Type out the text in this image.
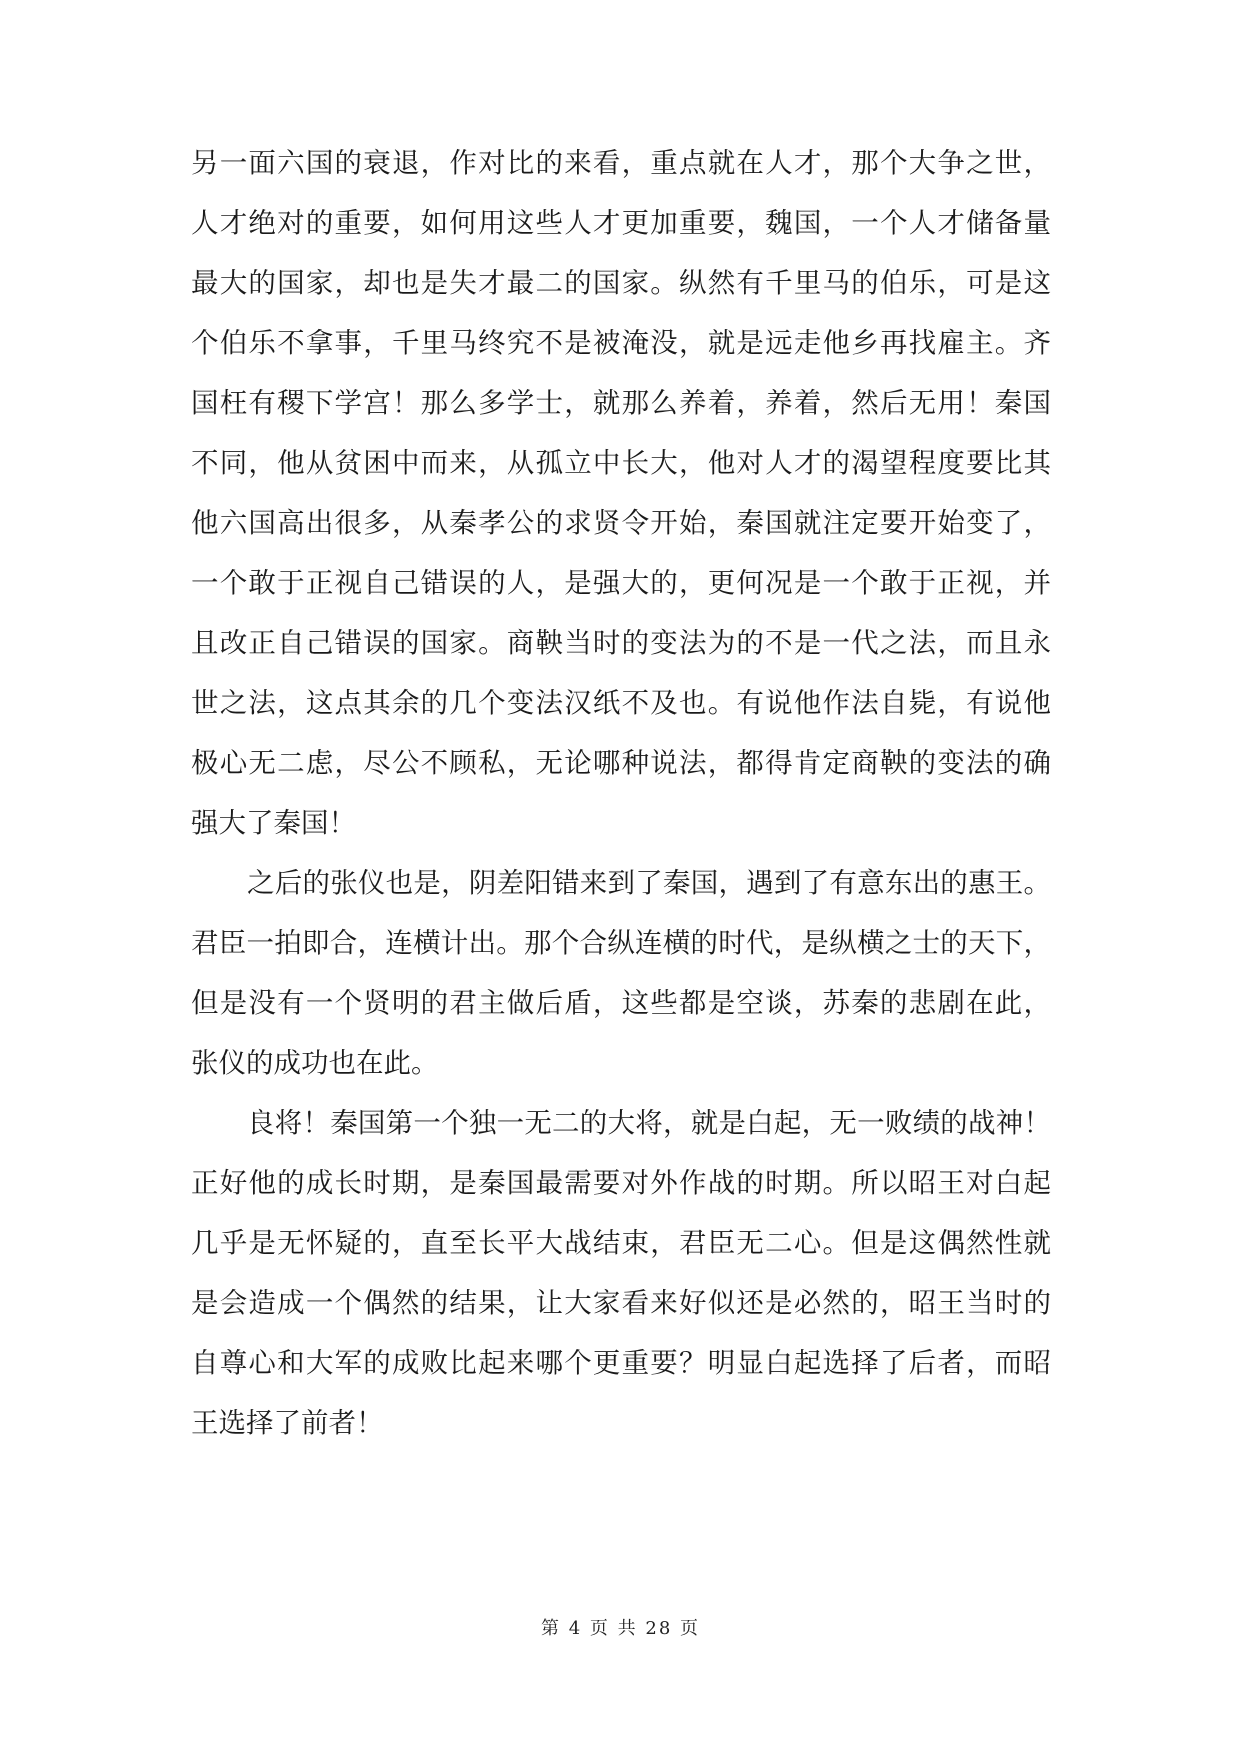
另一面六国的衰退，作对比的来看，重点就在人才，那个大争之世，
人才绝对的重要，如何用这些人才更加重要，魏国，一个人才储备量
最大的国家，却也是失才最二的国家。纵然有千里马的伯乐，可是这
个伯乐不拿事，千里马终究不是被淹没，就是远走他乡再找雇主。齐
国枉有稷下学宫！那么多学士，就那么养着，养着，然后无用！秦国
不同，他从贫困中而来，从孤立中长大，他对人才的渴望程度要比其
他六国高出很多，从秦孝公的求贤令开始，秦国就注定要开始变了，
一个敢于正视自己错误的人，是强大的，更何况是一个敢于正视，并
且改正自己错误的国家。商鞅当时的变法为的不是一代之法，而且永
世之法，这点其余的几个变法汉纸不及也。有说他作法自毙，有说他
极心无二虑，尽公不顾私，无论哪种说法，都得肯定商鞅的变法的确
强大了秦国！
之后的张仪也是，阴差阳错来到了秦国，遇到了有意东出的惠王。
君臣一拍即合，连横计出。那个合纵连横的时代，是纵横之士的天下，
但是没有一个贤明的君主做后盾，这些都是空谈，苏秦的悲剧在此，
张仪的成功也在此。
良将！秦国第一个独一无二的大将，就是白起，无一败绩的战神！
正好他的成长时期，是秦国最需要对外作战的时期。所以昭王对白起
几乎是无怀疑的，直至长平大战结束，君臣无二心。但是这偶然性就
是会造成一个偶然的结果，让大家看来好似还是必然的，昭王当时的
自尊心和大军的成败比起来哪个更重要？明显白起选择了后者，而昭
王选择了前者！
第 4 页 共 28 页
